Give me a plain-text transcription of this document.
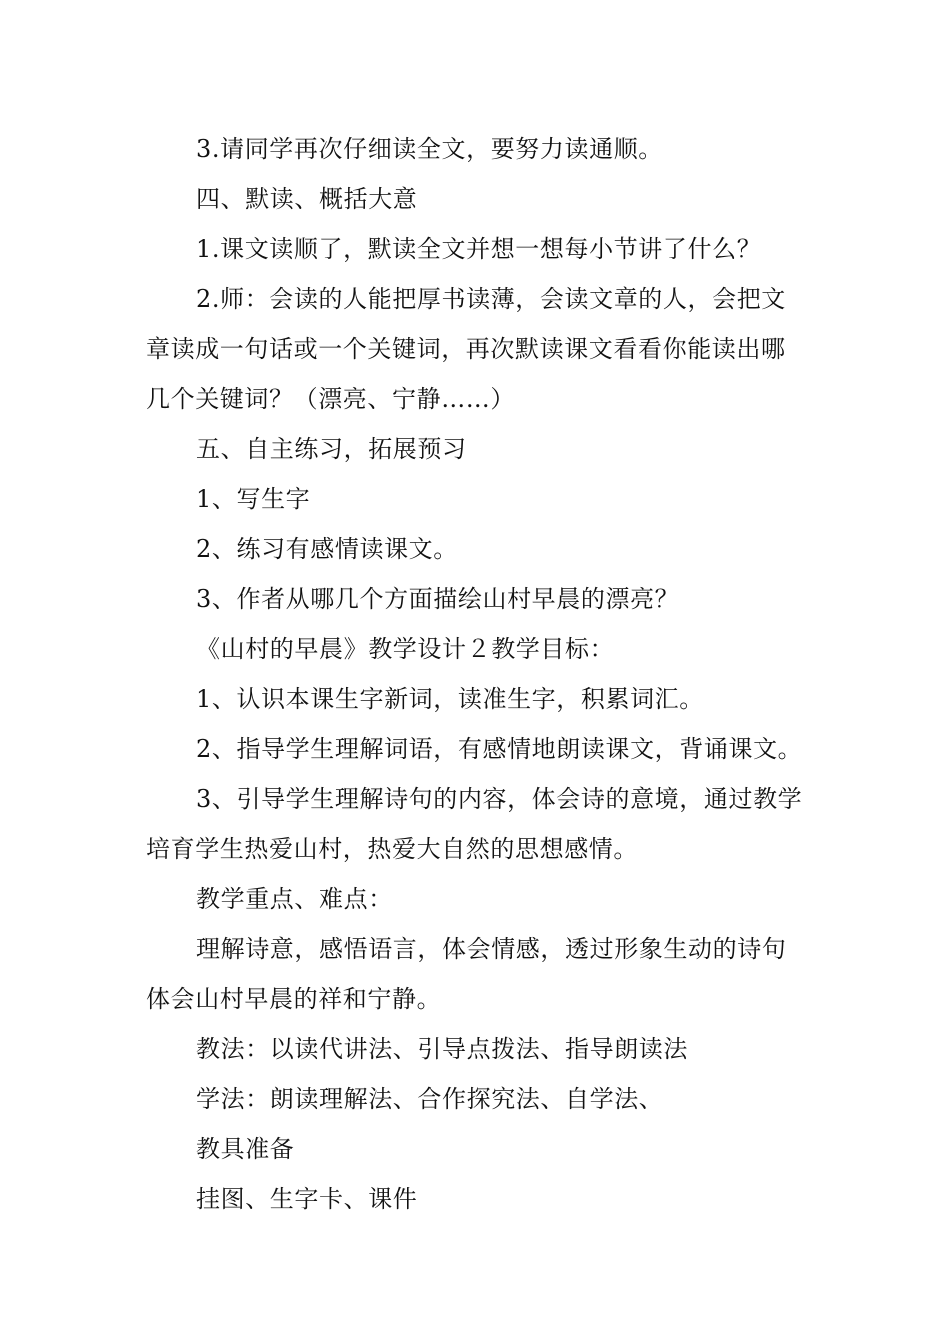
3.请同学再次仔细读全文，要努力读通顺。

四、默读、概括大意

1.课文读顺了，默读全文并想一想每小节讲了什么？

2.师：会读的人能把厚书读薄，会读文章的人，会把文章读成一句话或一个关键词，再次默读课文看看你能读出哪几个关键词？（漂亮、宁静……）

五、自主练习，拓展预习

1、写生字

2、练习有感情读课文。

3、作者从哪几个方面描绘山村早晨的漂亮？

《山村的早晨》教学设计２教学目标：

1、认识本课生字新词，读准生字，积累词汇。

2、指导学生理解词语，有感情地朗读课文，背诵课文。

3、引导学生理解诗句的内容，体会诗的意境，通过教学培育学生热爱山村，热爱大自然的思想感情。

教学重点、难点：

理解诗意，感悟语言，体会情感，透过形象生动的诗句体会山村早晨的祥和宁静。

教法：以读代讲法、引导点拨法、指导朗读法

学法：朗读理解法、合作探究法、自学法、

教具准备

挂图、生字卡、课件
